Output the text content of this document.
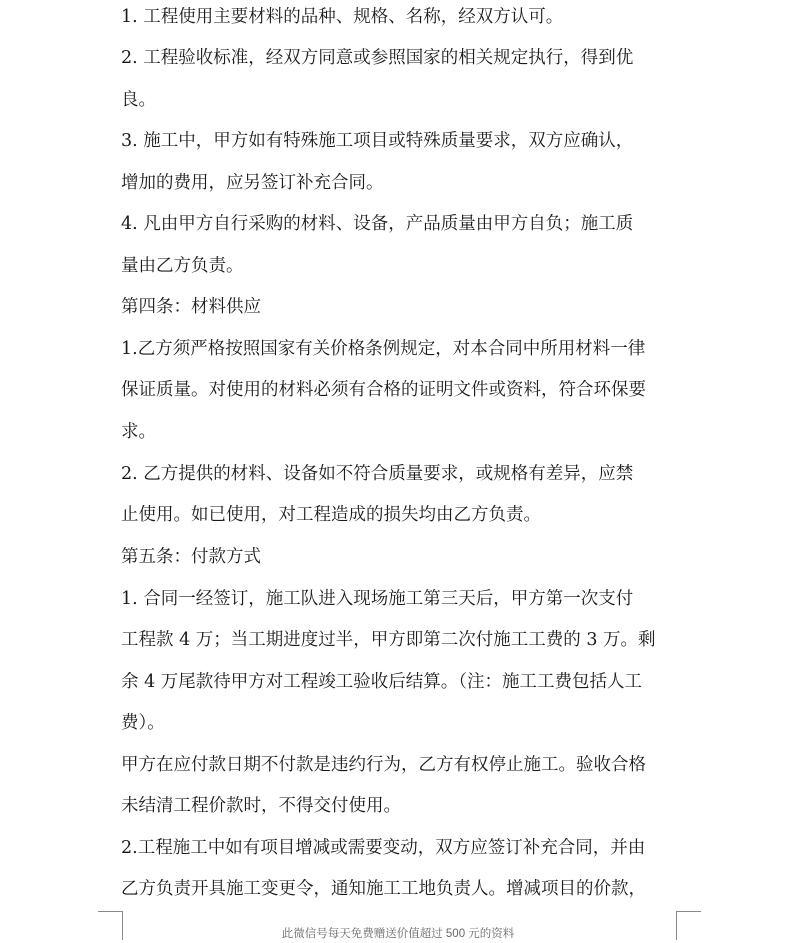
1. 工程使用主要材料的品种、规格、名称，经双方认可。
2. 工程验收标准，经双方同意或参照国家的相关规定执行，得到优
良。
3. 施工中，甲方如有特殊施工项目或特殊质量要求，双方应确认，
增加的费用，应另签订补充合同。
4. 凡由甲方自行采购的材料、设备，产品质量由甲方自负；施工质
量由乙方负责。
第四条：材料供应
1.乙方须严格按照国家有关价格条例规定，对本合同中所用材料一律
保证质量。对使用的材料必须有合格的证明文件或资料，符合环保要
求。
2. 乙方提供的材料、设备如不符合质量要求，或规格有差异，应禁
止使用。如已使用，对工程造成的损失均由乙方负责。
第五条：付款方式
1. 合同一经签订，施工队进入现场施工第三天后，甲方第一次支付
工程款 4 万；当工期进度过半，甲方即第二次付施工工费的 3 万。剩
余 4 万尾款待甲方对工程竣工验收后结算。（注：施工工费包括人工
费）。
甲方在应付款日期不付款是违约行为，乙方有权停止施工。验收合格
未结清工程价款时，不得交付使用。
2.工程施工中如有项目增减或需要变动，双方应签订补充合同，并由
乙方负责开具施工变更令，通知施工工地负责人。增减项目的价款，
此微信号每天免费赠送价值超过 500 元的资料
